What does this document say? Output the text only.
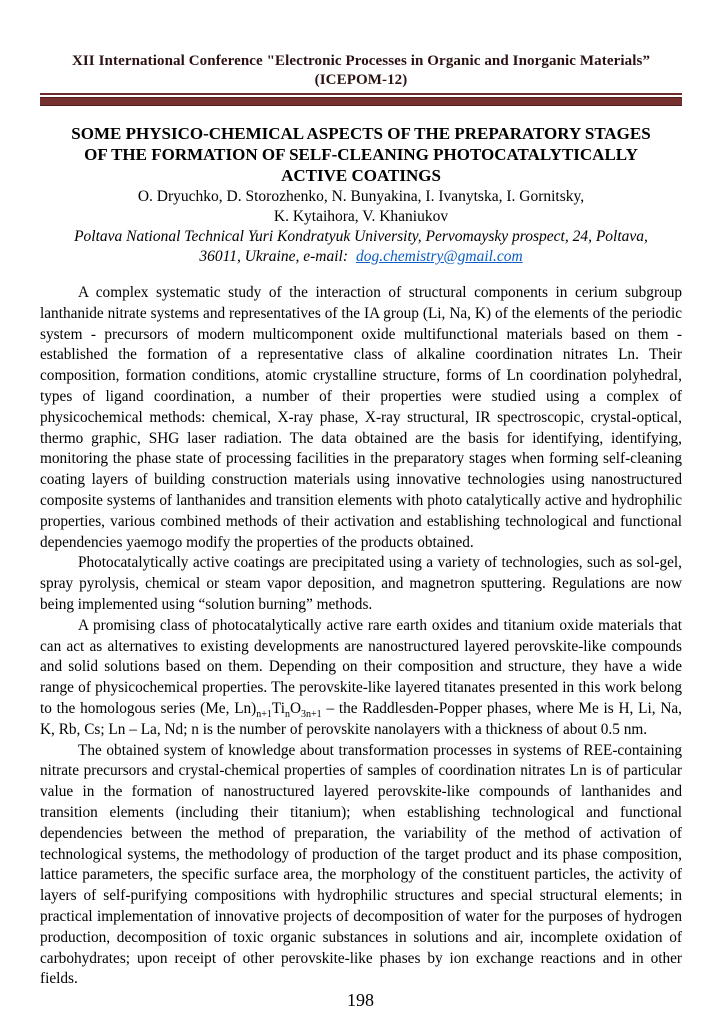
XII International Conference "Electronic Processes in Organic and Inorganic Materials” (ICEPOM-12)
SOME PHYSICO-CHEMICAL ASPECTS OF THE PREPARATORY STAGES
OF THE FORMATION OF SELF-CLEANING PHOTOCATALYTICALLY
ACTIVE COATINGS
O. Dryuchko, D. Storozhenko, N. Bunyakina, I. Ivanytska, I. Gornitsky,
K. Kytaihora, V. Khaniukov
Poltava National Technical Yuri Kondratyuk University, Pervomaysky prospect, 24, Poltava,
36011, Ukraine, e-mail: dog.chemistry@gmail.com

A complex systematic study of the interaction of structural components in cerium subgroup lanthanide nitrate systems and representatives of the IA group (Li, Na, K) of the elements of the periodic system - precursors of modern multicomponent oxide multifunctional materials based on them - established the formation of a representative class of alkaline coordination nitrates Ln. Their composition, formation conditions, atomic crystalline structure, forms of Ln coordination polyhedral, types of ligand coordination, a number of their properties were studied using a complex of physicochemical methods: chemical, X-ray phase, X-ray structural, IR spectroscopic, crystal-optical, thermo graphic, SHG laser radiation. The data obtained are the basis for identifying, identifying, monitoring the phase state of processing facilities in the preparatory stages when forming self-cleaning coating layers of building construction materials using innovative technologies using nanostructured composite systems of lanthanides and transition elements with photo catalytically active and hydrophilic properties, various combined methods of their activation and establishing technological and functional dependencies yaemogo modify the properties of the products obtained.

Photocatalytically active coatings are precipitated using a variety of technologies, such as sol-gel, spray pyrolysis, chemical or steam vapor deposition, and magnetron sputtering. Regulations are now being implemented using “solution burning” methods.

A promising class of photocatalytically active rare earth oxides and titanium oxide materials that can act as alternatives to existing developments are nanostructured layered perovskite-like compounds and solid solutions based on them. Depending on their composition and structure, they have a wide range of physicochemical properties. The perovskite-like layered titanates presented in this work belong to the homologous series (Me, $Ln)_{n+1}Ti_nO_{3n+1}$ – the Raddlesden-Popper phases, where Me is H, Li, Na, K, Rb, Cs; Ln – La, Nd; n is the number of perovskite nanolayers with a thickness of about 0.5 nm.

The obtained system of knowledge about transformation processes in systems of REE-containing nitrate precursors and crystal-chemical properties of samples of coordination nitrates Ln is of particular value in the formation of nanostructured layered perovskite-like compounds of lanthanides and transition elements (including their titanium); when establishing technological and functional dependencies between the method of preparation, the variability of the method of activation of technological systems, the methodology of production of the target product and its phase composition, lattice parameters, the specific surface area, the morphology of the constituent particles, the activity of layers of self-purifying compositions with hydrophilic structures and special structural elements; in practical implementation of innovative projects of decomposition of water for the purposes of hydrogen production, decomposition of toxic organic substances in solutions and air, incomplete oxidation of carbohydrates; upon receipt of other perovskite-like phases by ion exchange reactions and in other fields.

198
